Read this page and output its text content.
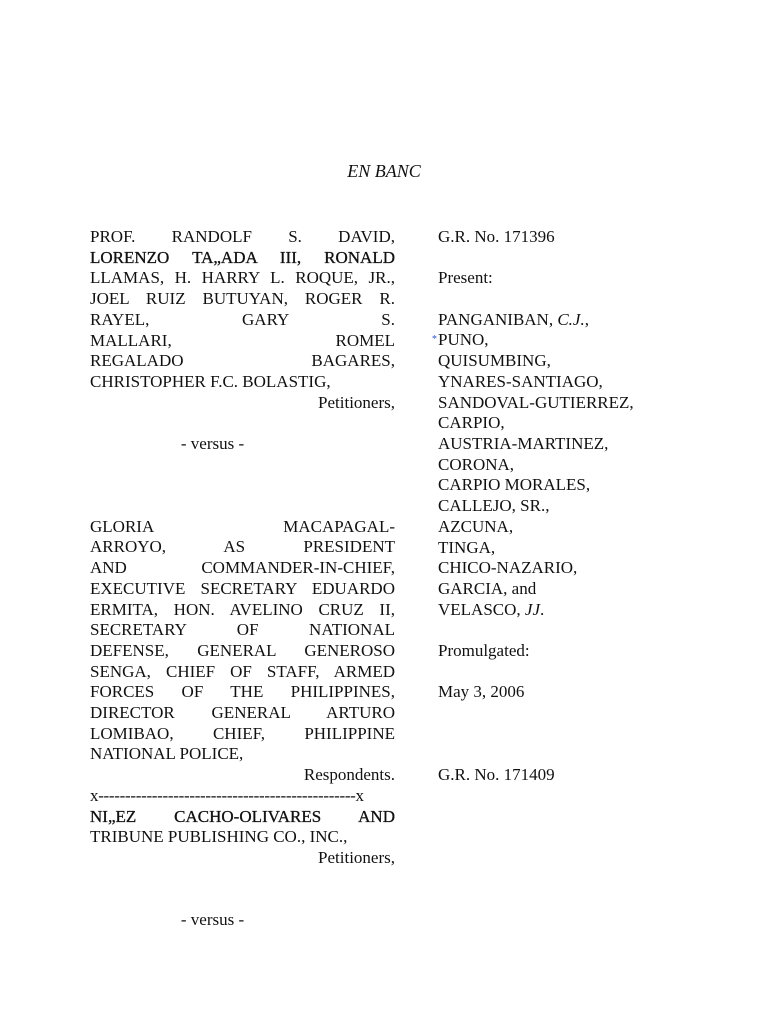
EN BANC

PROF. RANDOLF S. DAVID,

LORENZO TA„ADA III, RONALD

LLAMAS, H. HARRY L. ROQUE, JR.,

JOEL RUIZ BUTUYAN, ROGER R.

RAYEL, GARY S.

MALLARI, ROMEL

REGALADO BAGARES,

CHRISTOPHER F.C. BOLASTIG,

Petitioners,

- versus -

GLORIA MACAPAGAL-

ARROYO, AS PRESIDENT

AND COMMANDER-IN-CHIEF,

EXECUTIVE SECRETARY EDUARDO

ERMITA, HON. AVELINO CRUZ II,

SECRETARY OF NATIONAL

DEFENSE, GENERAL GENEROSO

SENGA, CHIEF OF STAFF, ARMED

FORCES OF THE PHILIPPINES,

DIRECTOR GENERAL ARTURO

LOMIBAO, CHIEF, PHILIPPINE

NATIONAL POLICE,

Respondents.

x------------------------------------------------x

NI„EZ CACHO-OLIVARES AND

TRIBUNE PUBLISHING CO., INC.,

Petitioners,

- versus -

G.R. No. 171396
Present:
PANGANIBAN, C.J.,
* PUNO,
QUISUMBING,
YNARES-SANTIAGO,
SANDOVAL-GUTIERREZ,
CARPIO,
AUSTRIA-MARTINEZ,
CORONA,
CARPIO MORALES,
CALLEJO, SR.,
AZCUNA,
TINGA,
CHICO-NAZARIO,
GARCIA, and
VELASCO, JJ.
Promulgated:
May 3, 2006
G.R. No. 171409
